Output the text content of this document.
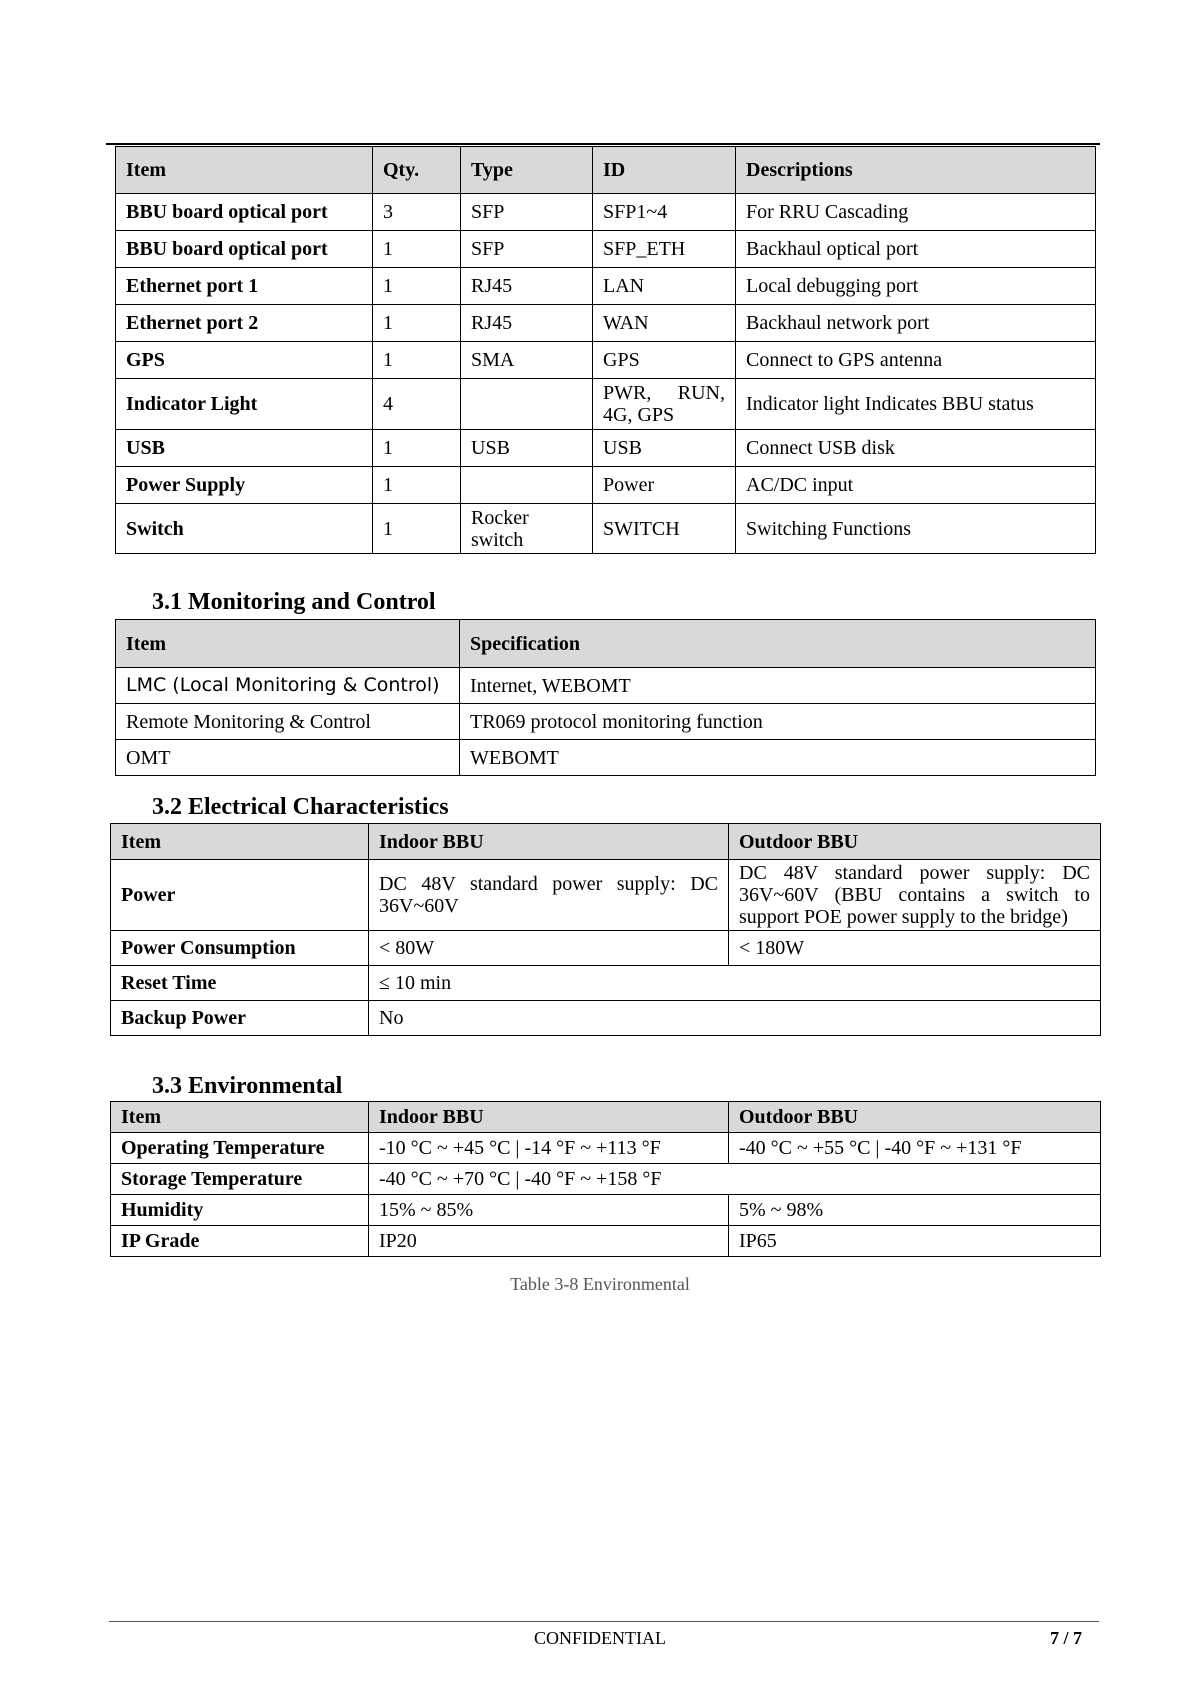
Item	Qty.	Type	ID	Descriptions
BBU board optical port	3	SFP	SFP1~4	For RRU Cascading
BBU board optical port	1	SFP	SFP_ETH	Backhaul optical port
Ethernet port 1	1	RJ45	LAN	Local debugging port
Ethernet port 2	1	RJ45	WAN	Backhaul network port
GPS	1	SMA	GPS	Connect to GPS antenna
Indicator Light	4		PWR, RUN, 4G, GPS	Indicator light Indicates BBU status
USB	1	USB	USB	Connect USB disk
Power Supply	1		Power	AC/DC input
Switch	1	Rocker switch	SWITCH	Switching Functions
3.1 Monitoring and Control
Item	Specification
LMC (Local Monitoring & Control)	Internet, WEBOMT
Remote Monitoring & Control	TR069 protocol monitoring function
OMT	WEBOMT
3.2 Electrical Characteristics
Item	Indoor BBU	Outdoor BBU
Power	DC 48V standard power supply: DC 36V~60V	DC 48V standard power supply: DC 36V~60V (BBU contains a switch to support POE power supply to the bridge)
Power Consumption	< 80W	< 180W
Reset Time	≤ 10 min	
Backup Power	No	
3.3 Environmental
Item	Indoor BBU	Outdoor BBU
Operating Temperature	-10 °C ~ +45 °C | -14 °F ~ +113 °F	-40 °C ~ +55 °C | -40 °F ~ +131 °F
Storage Temperature	-40 °C ~ +70 °C | -40 °F ~ +158 °F	
Humidity	15% ~ 85%	5% ~ 98%
IP Grade	IP20	IP65
Table 3-8 Environmental
CONFIDENTIAL	7 / 7
